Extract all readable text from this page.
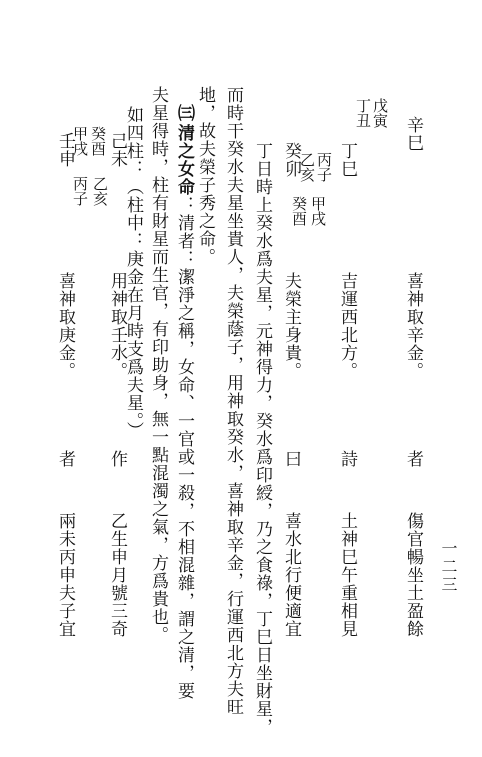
一二三
辛巳
戊寅
丁丑
喜神取辛金。
者
傷官暢坐土盈餘
丁巳
丙子
乙亥
吉運西北方。
詩
土神巳午重相見
癸卯
甲戌
癸酉
夫榮主身貴。
曰
喜水北行便適宜
丁日時上癸水爲夫星，元神得力，癸水爲印綬，乃之食祿，丁巳日坐財星，
而時干癸水夫星坐貴人，夫榮蔭子，用神取癸水，喜神取辛金，行運西北方夫旺
地，故夫榮子秀之命。
㈢
清之女命
：清者：潔淨之稱，女命、一官或一殺，不相混雜，謂之清，要
夫星得時，柱有財星而生官，有印助身，無一點混濁之氣，方爲貴也。
如四柱：（柱中：庚金在月時支爲夫星。）
己未
癸酉
甲戌
用神取壬水。
作
乙生申月號三奇
壬申
乙亥
丙子
喜神取庚金。
者
兩未丙申夫子宜
